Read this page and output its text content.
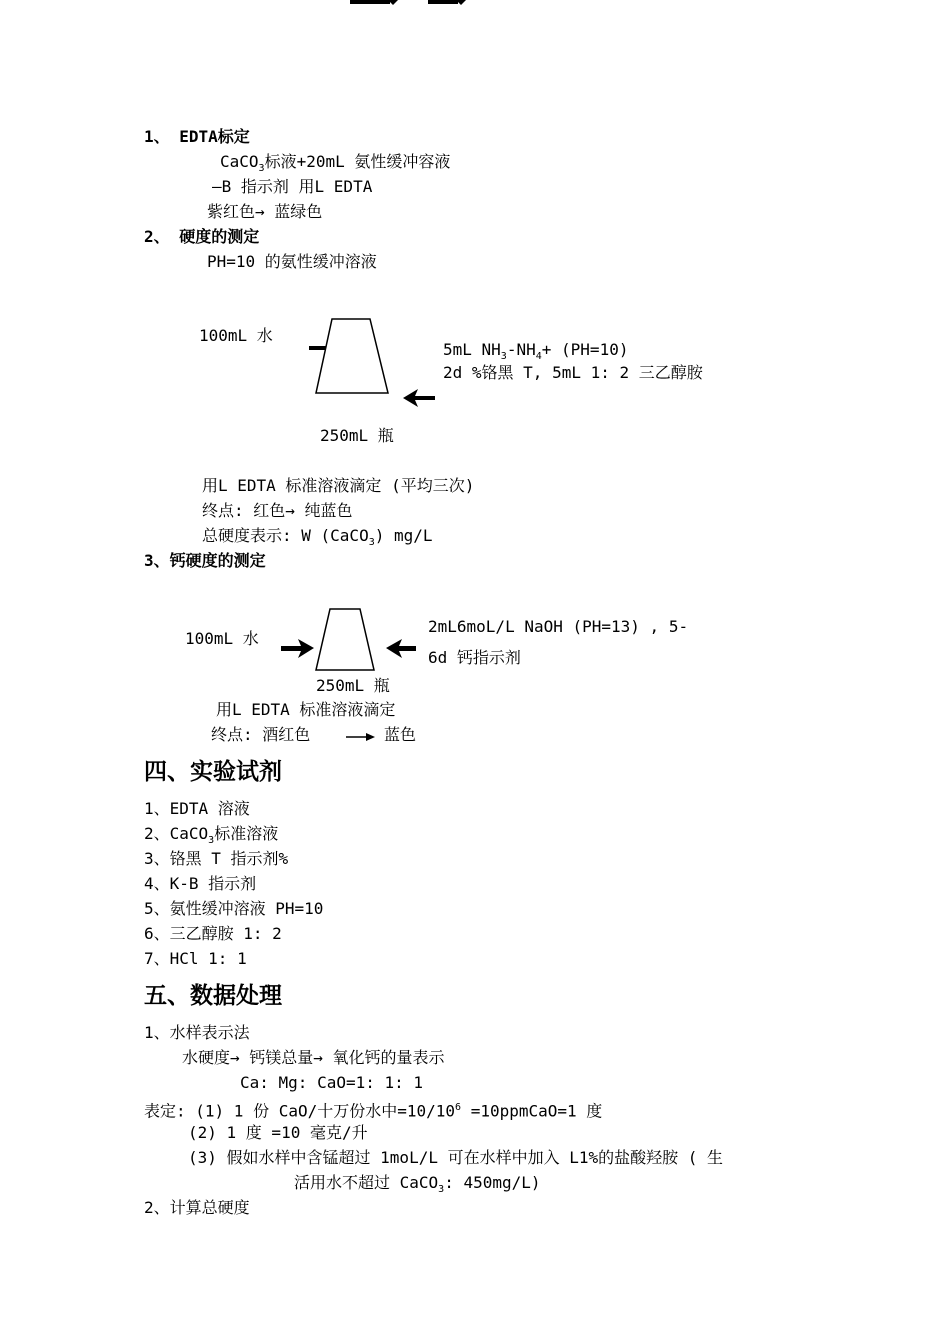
1、 EDTA标定
CaCO$_3$标液+20mL 氨性缓冲容液
—B 指示剂 用L EDTA
紫红色→ 蓝绿色
2、 硬度的测定
PH=10 的氨性缓冲溶液
100mL 水
5mL $NH_3-NH_4+ (PH=10)$
2d %铬黑 T, 5mL 1: 2 三乙醇胺
250mL 瓶
用L EDTA 标准溶液滴定 (平均三次)
终点: 红色→ 纯蓝色
总硬度表示: W (CaCO$_3$) mg/L
3、钙硬度的测定
100mL 水
2mL6moL/L NaOH (PH=13) , 5-
6d 钙指示剂
250mL 瓶
用L EDTA 标准溶液滴定
终点: 酒红色	蓝色
四、实验试剂
1、EDTA 溶液
2、CaCO$_3$标准溶液
3、铬黑 T 指示剂%
4、K-B 指示剂
5、氨性缓冲溶液 PH=10
6、三乙醇胺 1: 2
7、HCl 1: 1
五、数据处理
1、水样表示法
水硬度→ 钙镁总量→ 氧化钙的量表示
Ca: Mg: CaO=1: 1: 1
表定: (1) 1 份 CaO/十万份水中$=10/10^6$ =10ppmCaO=1 度
(2) 1 度 =10 毫克/升
(3) 假如水样中含锰超过 1moL/L 可在水样中加入 L1%的盐酸羟胺 ( 生
活用水不超过 CaCO$_3$: 450mg/L)
2、计算总硬度
